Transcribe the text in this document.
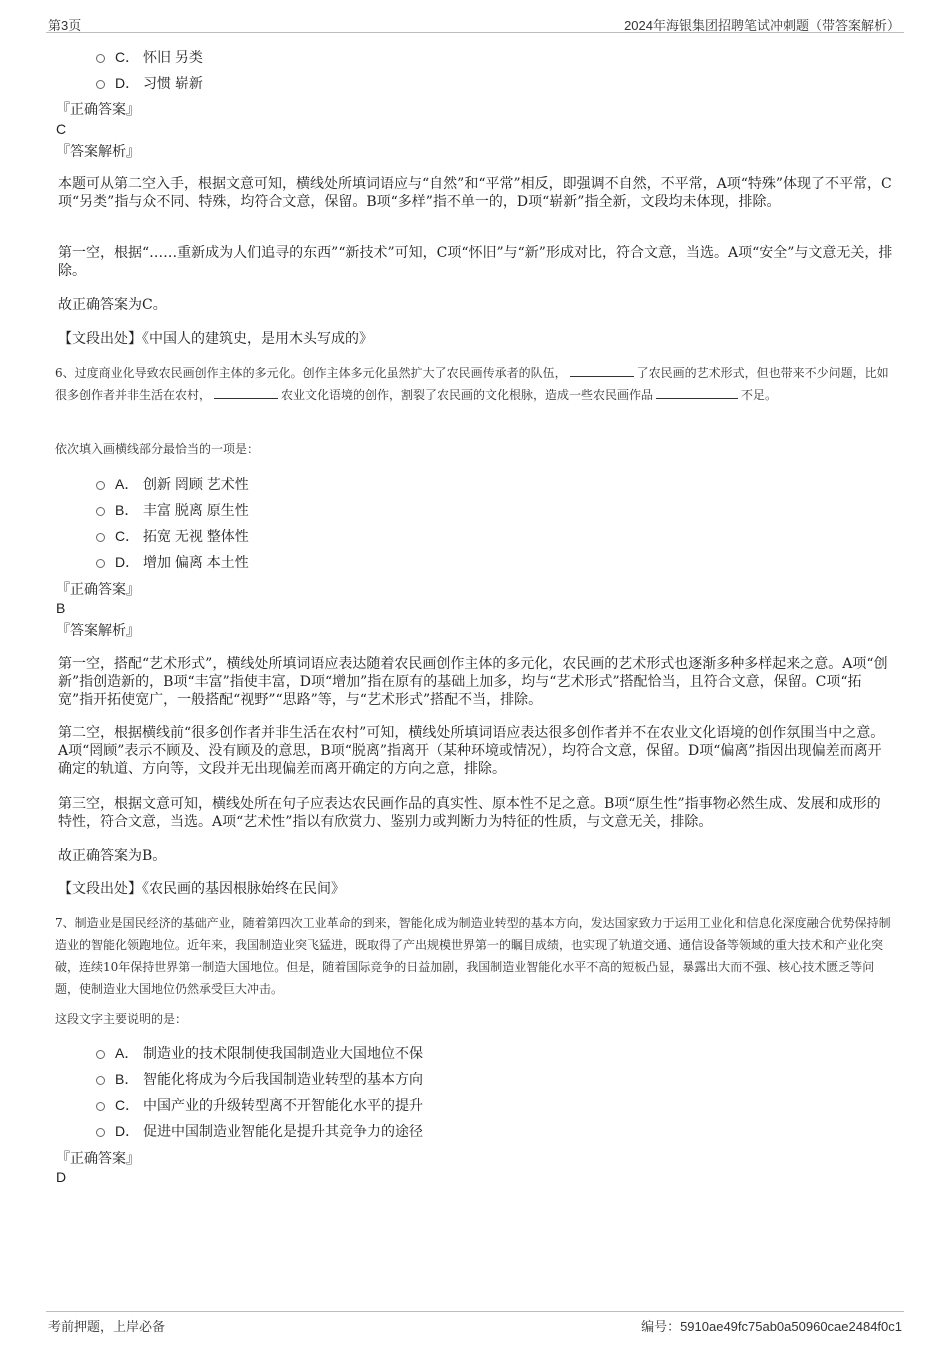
第3页	2024年海银集团招聘笔试冲刺题（带答案解析）
C． 怀旧 另类
D． 习惯 崭新
『正确答案』
C
『答案解析』

本题可从第二空入手，根据文意可知，横线处所填词语应与“自然”和“平常”相反，即强调不自然，不平常，A项“特殊”体现了不平常，C项“另类”指与众不同、特殊，均符合文意，保留。B项“多样”指不单一的，D项“崭新”指全新，文段均未体现，排除。

第一空，根据“……重新成为人们追寻的东西”“新技术”可知，C项“怀旧”与“新”形成对比，符合文意，当选。A项“安全”与文意无关，排除。

故正确答案为C。

【文段出处】《中国人的建筑史，是用木头写成的》

6、过度商业化导致农民画创作主体的多元化。创作主体多元化虽然扩大了农民画传承者的队伍，	了农民画的艺术形式，但也带来不少问题，比如很多创作者并非生活在农村，	农业文化语境的创作，割裂了农民画的文化根脉，造成一些农民画作品	不足。

依次填入画横线部分最恰当的一项是：
A． 创新 罔顾 艺术性
B． 丰富 脱离 原生性
C． 拓宽 无视 整体性
D． 增加 偏离 本土性
『正确答案』
B
『答案解析』

第一空，搭配“艺术形式”，横线处所填词语应表达随着农民画创作主体的多元化，农民画的艺术形式也逐渐多种多样起来之意。A项“创新”指创造新的，B项“丰富”指使丰富，D项“增加”指在原有的基础上加多，均与“艺术形式”搭配恰当，且符合文意，保留。C项“拓宽”指开拓使宽广，一般搭配“视野”“思路”等，与“艺术形式”搭配不当，排除。

第二空，根据横线前“很多创作者并非生活在农村”可知，横线处所填词语应表达很多创作者并不在农业文化语境的创作氛围当中之意。A项“罔顾”表示不顾及、没有顾及的意思，B项“脱离”指离开（某种环境或情况），均符合文意，保留。D项“偏离”指因出现偏差而离开确定的轨道、方向等，文段并无出现偏差而离开确定的方向之意，排除。

第三空，根据文意可知，横线处所在句子应表达农民画作品的真实性、原本性不足之意。B项“原生性”指事物必然生成、发展和成形的特性，符合文意，当选。A项“艺术性”指以有欣赏力、鉴别力或判断力为特征的性质，与文意无关，排除。

故正确答案为B。

【文段出处】《农民画的基因根脉始终在民间》

7、制造业是国民经济的基础产业，随着第四次工业革命的到来，智能化成为制造业转型的基本方向，发达国家致力于运用工业化和信息化深度融合优势保持制造业的智能化领跑地位。近年来，我国制造业突飞猛进，既取得了产出规模世界第一的瞩目成绩，也实现了轨道交通、通信设备等领域的重大技术和产业化突破，连续10年保持世界第一制造大国地位。但是，随着国际竞争的日益加剧，我国制造业智能化水平不高的短板凸显，暴露出大而不强、核心技术匮乏等问题，使制造业大国地位仍然承受巨大冲击。

这段文字主要说明的是：
A． 制造业的技术限制使我国制造业大国地位不保
B． 智能化将成为今后我国制造业转型的基本方向
C． 中国产业的升级转型离不开智能化水平的提升
D． 促进中国制造业智能化是提升其竞争力的途径
『正确答案』
D
考前押题，上岸必备	编号：5910ae49fc75ab0a50960cae2484f0c1
